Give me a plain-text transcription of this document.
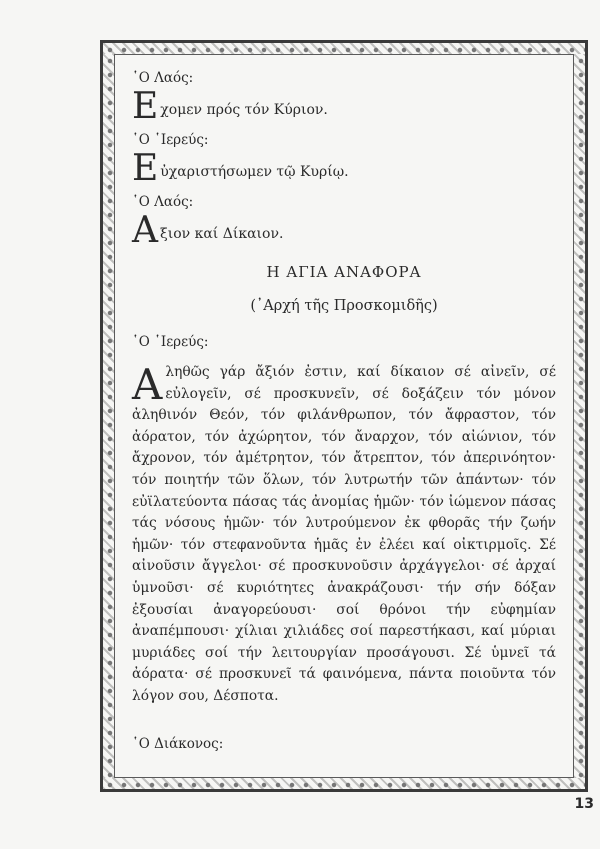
῾Ο Λαός:
Ε χομεν πρός τόν Κύριον.
῾Ο ῾Ιερεύς:
Ε ὐχαριστήσωμεν τῷ Κυρίῳ.
῾Ο Λαός:
Α ξιον καί Δίκαιον.
Η ΑΓΙΑ ΑΝΑΦΟΡΑ
(᾿Αρχή τῆς Προσκομιδῆς)
῾Ο ῾Ιερεύς:
Αληθῶς γάρ ἄξιόν ἐστιν, καί δίκαιον σέ αἰνεῖν, σέ εὐλογεῖν, σέ προσκυνεῖν, σέ δοξάζειν τόν μόνον ἀληθινόν Θεόν, τόν φιλάνθρωπον, τόν ἄφραστον, τόν ἀόρατον, τόν ἀχώρητον, τόν ἄναρχον, τόν αἰώνιον, τόν ἄχρονον, τόν ἀμέτρητον, τόν ἄτρεπτον, τόν ἀπερινόητον· τόν ποιητήν τῶν ὅλων, τόν λυτρωτήν τῶν ἁπάντων· τόν εὐϊλατεύοντα πάσας τάς ἀνομίας ἡμῶν· τόν ἰώμενον πάσας τάς νόσους ἡμῶν· τόν λυτρούμενον ἐκ φθορᾶς τήν ζωήν ἡμῶν· τόν στεφανοῦντα ἡμᾶς ἐν ἐλέει καί οἰκτιρμοῖς. Σέ αἰνοῦσιν ἄγγελοι· σέ προσκυνοῦσιν ἀρχάγγελοι· σέ ἀρχαί ὑμνοῦσι· σέ κυριότητες ἀνακράζουσι· τήν σήν δόξαν ἐξουσίαι ἀναγορεύουσι· σοί θρόνοι τήν εὐφημίαν ἀναπέμπουσι· χίλιαι χιλιάδες σοί παρεστήκασι, καί μύριαι μυριάδες σοί τήν λειτουργίαν προσάγουσι. Σέ ὑμνεῖ τά ἀόρατα· σέ προσκυνεῖ τά φαινόμενα, πάντα ποιοῦντα τόν λόγον σου, Δέσποτα.
῾Ο Διάκονος:
13
